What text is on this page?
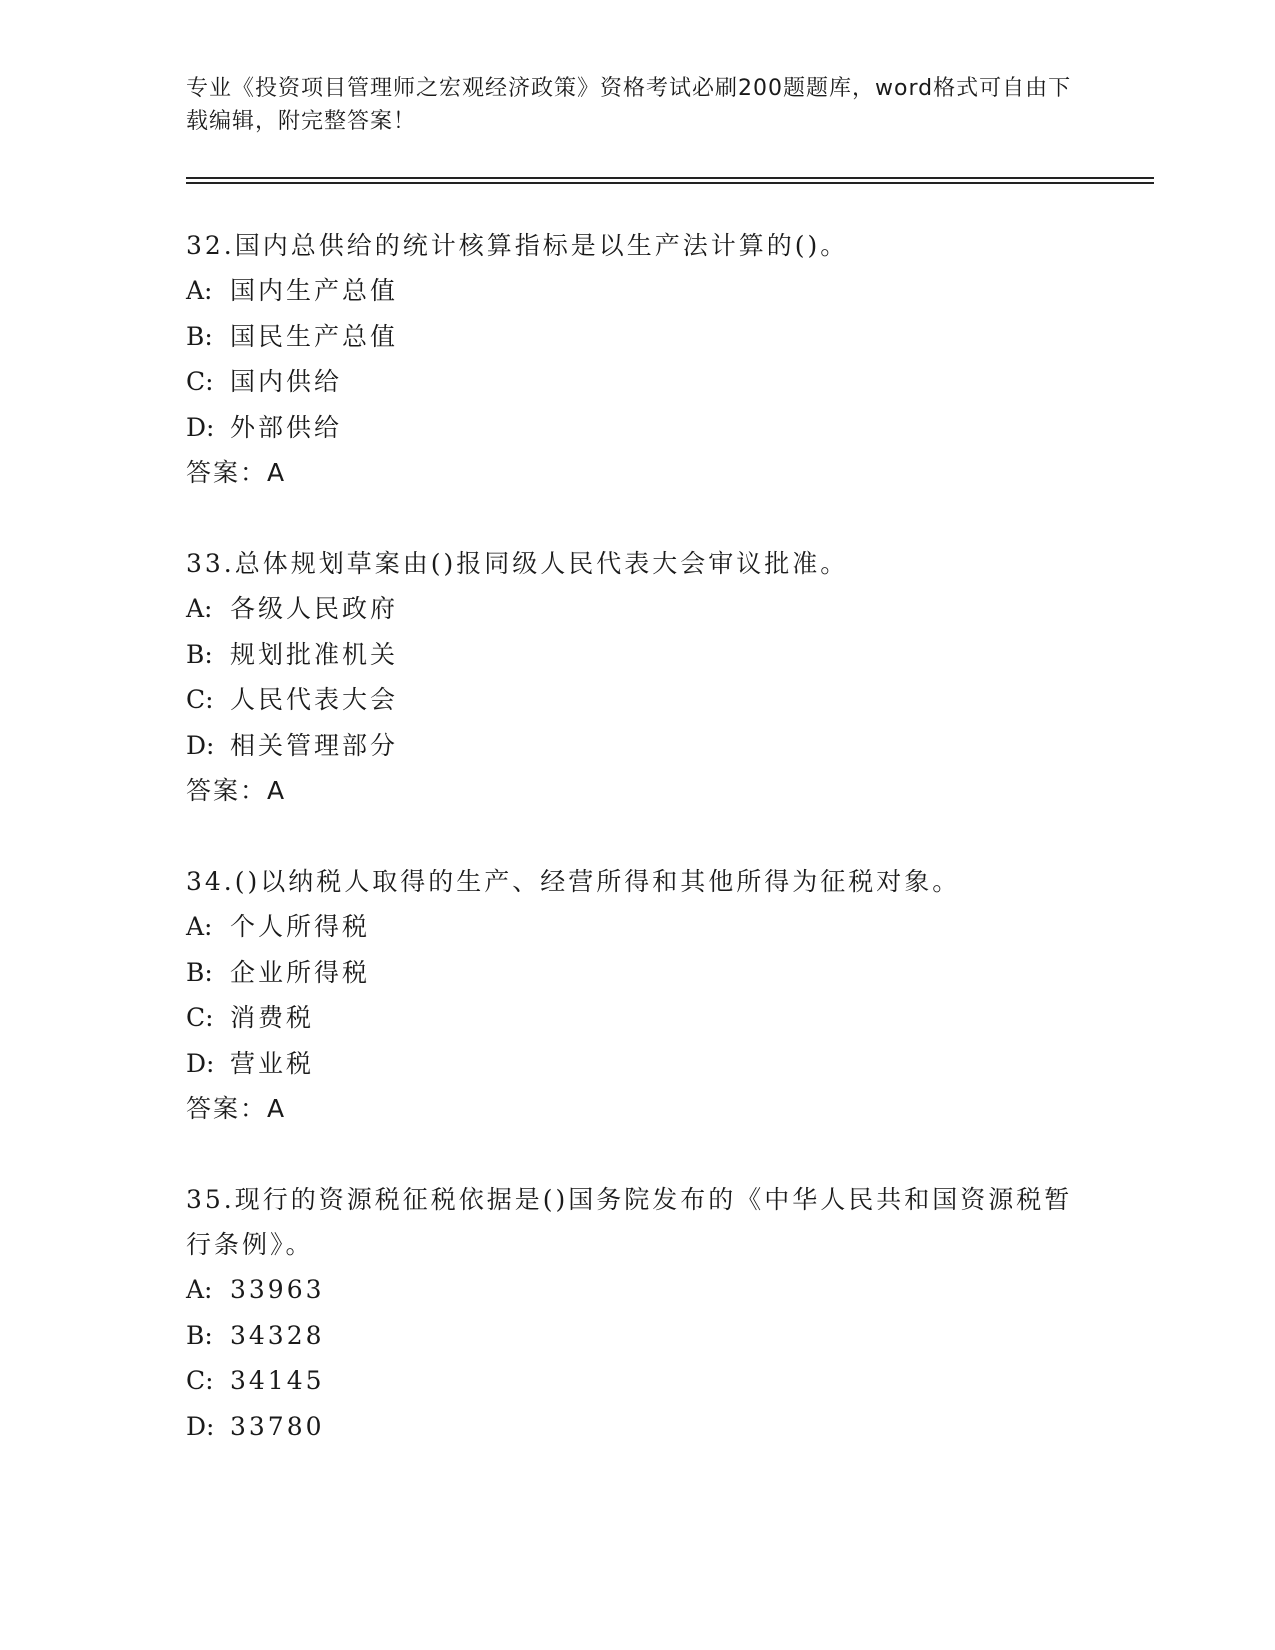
专业《投资项目管理师之宏观经济政策》资格考试必刷200题题库，word格式可自由下载编辑，附完整答案！

32.国内总供给的统计核算指标是以生产法计算的()。

A: 国内生产总值
B: 国民生产总值
C: 国内供给
D: 外部供给
答案：A

33.总体规划草案由()报同级人民代表大会审议批准。

A: 各级人民政府
B: 规划批准机关
C: 人民代表大会
D: 相关管理部分
答案：A

34.()以纳税人取得的生产、经营所得和其他所得为征税对象。

A: 个人所得税
B: 企业所得税
C: 消费税
D: 营业税
答案：A

35.现行的资源税征税依据是()国务院发布的《中华人民共和国资源税暂行条例》。

A: 33963
B: 34328
C: 34145
D: 33780
